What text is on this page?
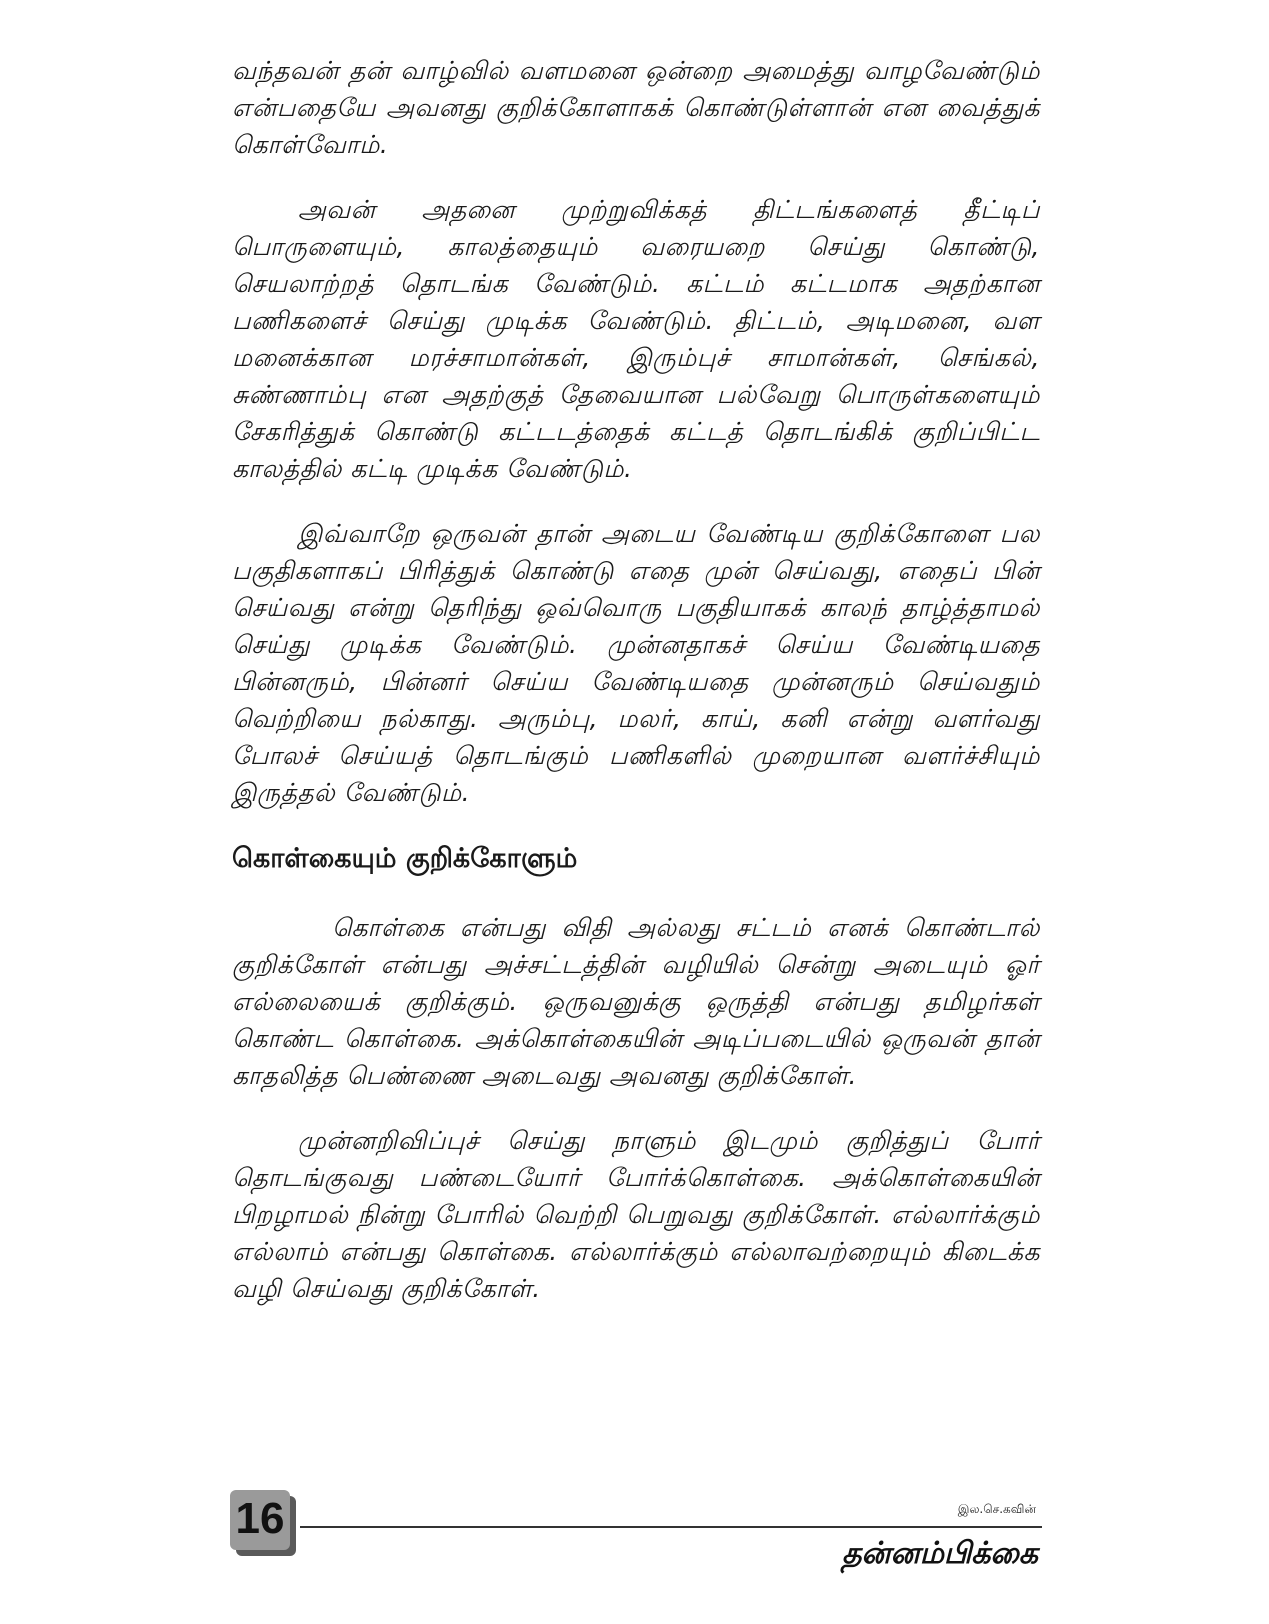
வந்தவன் தன் வாழ்வில் வளமனை ஒன்றை அமைத்து வாழவேண்டும் என்பதையே அவனது குறிக்கோளாகக் கொண்டுள்ளான் என வைத்துக் கொள்வோம்.

அவன் அதனை முற்றுவிக்கத் திட்டங்களைத் தீட்டிப் பொருளையும், காலத்தையும் வரையறை செய்து கொண்டு, செயலாற்றத் தொடங்க வேண்டும். கட்டம் கட்டமாக அதற்கான பணிகளைச் செய்து முடிக்க வேண்டும். திட்டம், அடிமனை, வள மனைக்கான மரச்சாமான்கள், இரும்புச் சாமான்கள், செங்கல், சுண்ணாம்பு என அதற்குத் தேவையான பல்வேறு பொருள்களையும் சேகரித்துக் கொண்டு கட்டடத்தைக் கட்டத் தொடங்கிக் குறிப்பிட்ட காலத்தில் கட்டி முடிக்க வேண்டும்.

இவ்வாறே ஒருவன் தான் அடைய வேண்டிய குறிக்கோளை பல பகுதிகளாகப் பிரித்துக் கொண்டு எதை முன் செய்வது, எதைப் பின் செய்வது என்று தெரிந்து ஒவ்வொரு பகுதியாகக் காலந் தாழ்த்தாமல் செய்து முடிக்க வேண்டும். முன்னதாகச் செய்ய வேண்டியதை பின்னரும், பின்னர் செய்ய வேண்டியதை முன்னரும் செய்வதும் வெற்றியை நல்காது. அரும்பு, மலர், காய், கனி என்று வளர்வது போலச் செய்யத் தொடங்கும் பணிகளில் முறையான வளர்ச்சியும் இருத்தல் வேண்டும்.

கொள்கையும் குறிக்கோளும்

கொள்கை என்பது விதி அல்லது சட்டம் எனக் கொண்டால் குறிக்கோள் என்பது அச்சட்டத்தின் வழியில் சென்று அடையும் ஓர் எல்லையைக் குறிக்கும். ஒருவனுக்கு ஒருத்தி என்பது தமிழர்கள் கொண்ட கொள்கை. அக்கொள்கையின் அடிப்படையில் ஒருவன் தான் காதலித்த பெண்ணை அடைவது அவனது குறிக்கோள்.

முன்னறிவிப்புச் செய்து நாளும் இடமும் குறித்துப் போர் தொடங்குவது பண்டையோர் போர்க்கொள்கை. அக்கொள்கையின் பிறழாமல் நின்று போரில் வெற்றி பெறுவது குறிக்கோள். எல்லார்க்கும் எல்லாம் என்பது கொள்கை. எல்லார்க்கும் எல்லாவற்றையும் கிடைக்க வழி செய்வது குறிக்கோள்.

16	இல.செ.கவின்
தன்னம்பிக்கை
